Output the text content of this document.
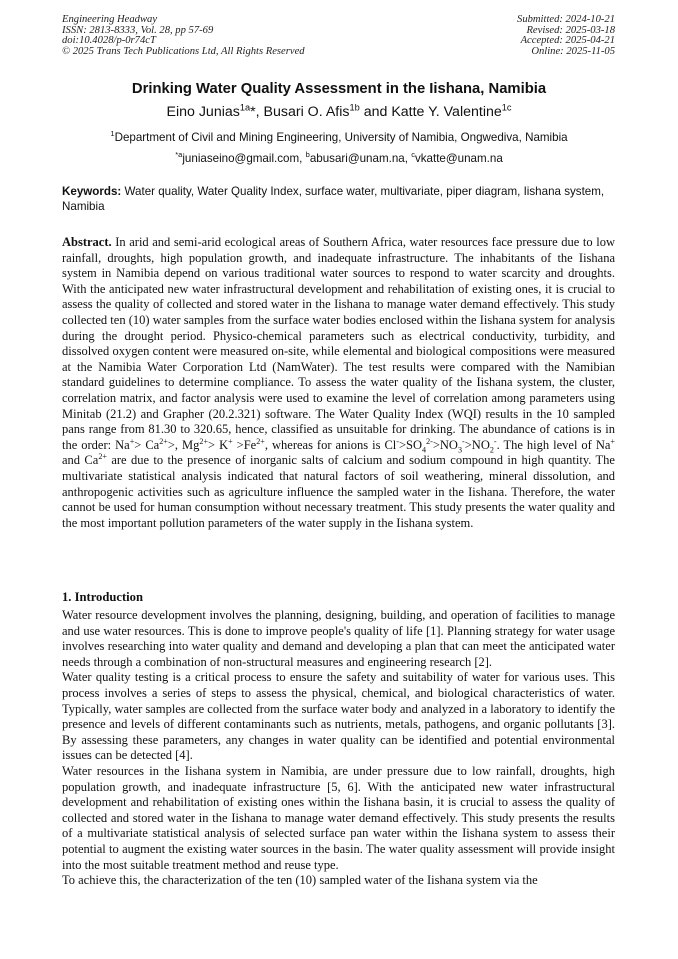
Engineering Headway
ISSN: 2813-8333, Vol. 28, pp 57-69
doi:10.4028/p-0r74cT
© 2025 Trans Tech Publications Ltd, All Rights Reserved
Submitted: 2024-10-21
Revised: 2025-03-18
Accepted: 2025-04-21
Online: 2025-11-05
Drinking Water Quality Assessment in the Iishana, Namibia
Eino Junias$^{1a}$*, Busari O. Afis$^{1b}$ and Katte Y. Valentine$^{1c}$
$^1$Department of Civil and Mining Engineering, University of Namibia, Ongwediva, Namibia
$^{*a}$juniaseino@gmail.com, $^b$abusari@unam.na, $^c$vkatte@unam.na
Keywords: Water quality, Water Quality Index, surface water, multivariate, piper diagram, Iishana system, Namibia
Abstract. In arid and semi-arid ecological areas of Southern Africa, water resources face pressure due to low rainfall, droughts, high population growth, and inadequate infrastructure. The inhabitants of the Iishana system in Namibia depend on various traditional water sources to respond to water scarcity and droughts. With the anticipated new water infrastructural development and rehabilitation of existing ones, it is crucial to assess the quality of collected and stored water in the Iishana to manage water demand effectively. This study collected ten (10) water samples from the surface water bodies enclosed within the Iishana system for analysis during the drought period. Physico-chemical parameters such as electrical conductivity, turbidity, and dissolved oxygen content were measured on-site, while elemental and biological compositions were measured at the Namibia Water Corporation Ltd (NamWater). The test results were compared with the Namibian standard guidelines to determine compliance. To assess the water quality of the Iishana system, the cluster, correlation matrix, and factor analysis were used to examine the level of correlation among parameters using Minitab (21.2) and Grapher (20.2.321) software. The Water Quality Index (WQI) results in the 10 sampled pans range from 81.30 to 320.65, hence, classified as unsuitable for drinking. The abundance of cations is in the order: $Na^+> Ca^{2+}>$, $Mg^{2+}> K^+ >Fe^{2+}$, whereas for anions is $Cl^->SO_4^{2-}>NO_3^->NO_2^-$. The high level of Na+ and $Ca^{2+}$ are due to the presence of inorganic salts of calcium and sodium compound in high quantity. The multivariate statistical analysis indicated that natural factors of soil weathering, mineral dissolution, and anthropogenic activities such as agriculture influence the sampled water in the Iishana. Therefore, the water cannot be used for human consumption without necessary treatment. This study presents the water quality and the most important pollution parameters of the water supply in the Iishana system.
1. Introduction

Water resource development involves the planning, designing, building, and operation of facilities to manage and use water resources. This is done to improve people's quality of life [1]. Planning strategy for water usage involves researching into water quality and demand and developing a plan that can meet the anticipated water needs through a combination of non-structural measures and engineering research [2].

Water quality testing is a critical process to ensure the safety and suitability of water for various uses. This process involves a series of steps to assess the physical, chemical, and biological characteristics of water. Typically, water samples are collected from the surface water body and analyzed in a laboratory to identify the presence and levels of different contaminants such as nutrients, metals, pathogens, and organic pollutants [3]. By assessing these parameters, any changes in water quality can be identified and potential environmental issues can be detected [4].

Water resources in the Iishana system in Namibia, are under pressure due to low rainfall, droughts, high population growth, and inadequate infrastructure [5, 6]. With the anticipated new water infrastructural development and rehabilitation of existing ones within the Iishana basin, it is crucial to assess the quality of collected and stored water in the Iishana to manage water demand effectively. This study presents the results of a multivariate statistical analysis of selected surface pan water within the Iishana system to assess their potential to augment the existing water sources in the basin. The water quality assessment will provide insight into the most suitable treatment method and reuse type.

To achieve this, the characterization of the ten (10) sampled water of the Iishana system via the
